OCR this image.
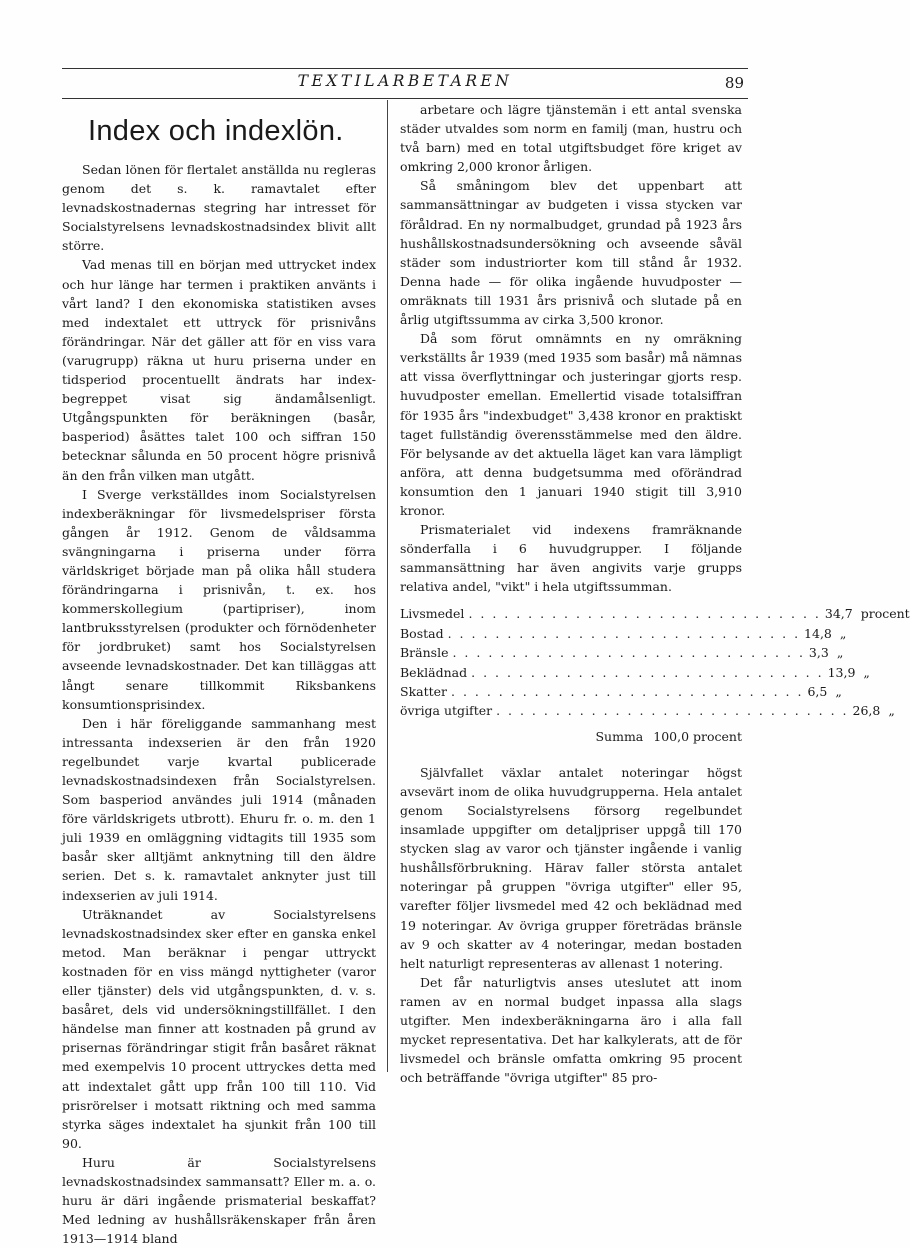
TEXTILARBETAREN	89
Index och indexlön.

Sedan lönen för flertalet anställda nu regleras genom det s. k. ramavtalet efter levnadskostnadernas stegring har intresset för Socialstyrelsens levnadskostnadsindex blivit allt större.

Vad menas till en början med uttrycket index och hur länge har termen i praktiken använts i vårt land? I den ekonomiska statistiken avses med indextalet ett uttryck för prisnivåns förändringar. När det gäller att för en viss vara (varugrupp) räkna ut huru priserna under en tidsperiod procentuellt ändrats har index-begreppet visat sig ändamålsenligt. Utgångspunkten för beräkningen (basår, basperiod) åsättes talet 100 och siffran 150 betecknar sålunda en 50 procent högre prisnivå än den från vilken man utgått.

I Sverge verkställdes inom Socialstyrelsen indexberäkningar för livsmedelspriser första gången år 1912. Genom de våldsamma svängningarna i priserna under förra världskriget började man på olika håll studera förändringarna i prisnivån, t. ex. hos kommerskollegium (partipriser), inom lantbruksstyrelsen (produkter och förnödenheter för jordbruket) samt hos Socialstyrelsen avseende levnadskostnader. Det kan tilläggas att långt senare tillkommit Riksbankens konsumtionsprisindex.

Den i här föreliggande sammanhang mest intressanta indexserien är den från 1920 regelbundet varje kvartal publicerade levnadskostnadsindexen från Socialstyrelsen. Som basperiod användes juli 1914 (månaden före världskrigets utbrott). Ehuru fr. o. m. den 1 juli 1939 en omläggning vidtagits till 1935 som basår sker alltjämt anknytning till den äldre serien. Det s. k. ramavtalet anknyter just till indexserien av juli 1914.

Uträknandet av Socialstyrelsens levnadskostnadsindex sker efter en ganska enkel metod. Man beräknar i pengar uttryckt kostnaden för en viss mängd nyttigheter (varor eller tjänster) dels vid utgångspunkten, d. v. s. basåret, dels vid undersökningstillfället. I den händelse man finner att kostnaden på grund av prisernas förändringar stigit från basåret räknat med exempelvis 10 procent uttryckes detta med att indextalet gått upp från 100 till 110. Vid prisrörelser i motsatt riktning och med samma styrka säges indextalet ha sjunkit från 100 till 90.

Huru är Socialstyrelsens levnadskostnadsindex sammansatt? Eller m. a. o. huru är däri ingående prismaterial beskaffat? Med ledning av hushållsräkenskaper från åren 1913—1914 bland

arbetare och lägre tjänstemän i ett antal svenska städer utvaldes som norm en familj (man, hustru och två barn) med en total utgiftsbudget före kriget av omkring 2,000 kronor årligen.

Så småningom blev det uppenbart att sammansättningar av budgeten i vissa stycken var föråldrad. En ny normalbudget, grundad på 1923 års hushållskostnadsundersökning och avseende såväl städer som industriorter kom till stånd år 1932. Denna hade — för olika ingående huvudposter — omräknats till 1931 års prisnivå och slutade på en årlig utgiftssumma av cirka 3,500 kronor.

Då som förut omnämnts en ny omräkning verkställts år 1939 (med 1935 som basår) må nämnas att vissa överflyttningar och justeringar gjorts resp. huvudposter emellan. Emellertid visade totalsiffran för 1935 års "indexbudget" 3,438 kronor en praktiskt taget fullständig överensstämmelse med den äldre. För belysande av det aktuella läget kan vara lämpligt anföra, att denna budgetsumma med oförändrad konsumtion den 1 januari 1940 stigit till 3,910 kronor.

Prismaterialet vid indexens framräknande sönderfalla i 6 huvudgrupper. I följande sammansättning har även angivits varje grupps relativa andel, "vikt" i hela utgiftssumman.

Livsmedel . . . . . . . . . . . . . . . . . . . . . . . . . . . . . . 34,7 procent
Bostad . . . . . . . . . . . . . . . . . . . . . . . . . . . . . . 14,8 „
Bränsle . . . . . . . . . . . . . . . . . . . . . . . . . . . . . . 3,3 „
Beklädnad . . . . . . . . . . . . . . . . . . . . . . . . . . . . . . 13,9 „
Skatter . . . . . . . . . . . . . . . . . . . . . . . . . . . . . . 6,5 „
övriga utgifter . . . . . . . . . . . . . . . . . . . . . . . . . . . . . . 26,8 „
Summa 100,0 procent

Självfallet växlar antalet noteringar högst avsevärt inom de olika huvudgrupperna. Hela antalet genom Socialstyrelsens försorg regelbundet insamlade uppgifter om detaljpriser uppgå till 170 stycken slag av varor och tjänster ingående i vanlig hushållsförbrukning. Härav faller största antalet noteringar på gruppen "övriga utgifter" eller 95, varefter följer livsmedel med 42 och beklädnad med 19 noteringar. Av övriga grupper företrädas bränsle av 9 och skatter av 4 noteringar, medan bostaden helt naturligt representeras av allenast 1 notering.

Det får naturligtvis anses uteslutet att inom ramen av en normal budget inpassa alla slags utgifter. Men indexberäkningarna äro i alla fall mycket representativa. Det har kalkylerats, att de för livsmedel och bränsle omfatta omkring 95 procent och beträffande "övriga utgifter" 85 pro-
